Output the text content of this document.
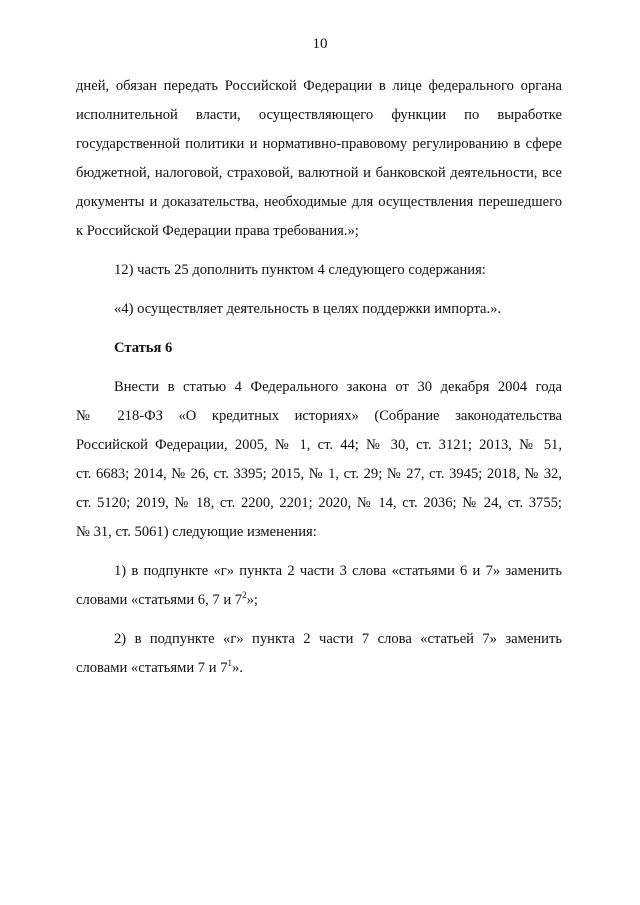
10

дней, обязан передать Российской Федерации в лице федерального органа

исполнительной власти, осуществляющего функции по выработке

государственной политики и нормативно-правовому регулированию в сфере

бюджетной, налоговой, страховой, валютной и банковской деятельности, все

документы и доказательства, необходимые для осуществления перешедшего

к Российской Федерации права требования.»;

12) часть 25 дополнить пунктом 4 следующего содержания:

«4) осуществляет деятельность в целях поддержки импорта.».

Статья 6

Внести в статью 4 Федерального закона от 30 декабря 2004 года

№ 218-ФЗ «О кредитных историях» (Собрание законодательства

Российской Федерации, 2005, № 1, ст. 44; № 30, ст. 3121; 2013, № 51,

ст. 6683; 2014, № 26, ст. 3395; 2015, № 1, ст. 29; № 27, ст. 3945; 2018, № 32,

ст. 5120; 2019, № 18, ст. 2200, 2201; 2020, № 14, ст. 2036; № 24, ст. 3755;

№ 31, ст. 5061) следующие изменения:

1) в подпункте «г» пункта 2 части 3 слова «статьями 6 и 7» заменить

словами «статьями 6, 7 и $7^2$»;

2) в подпункте «г» пункта 2 части 7 слова «статьей 7» заменить

словами «статьями 7 и $7^1$».
